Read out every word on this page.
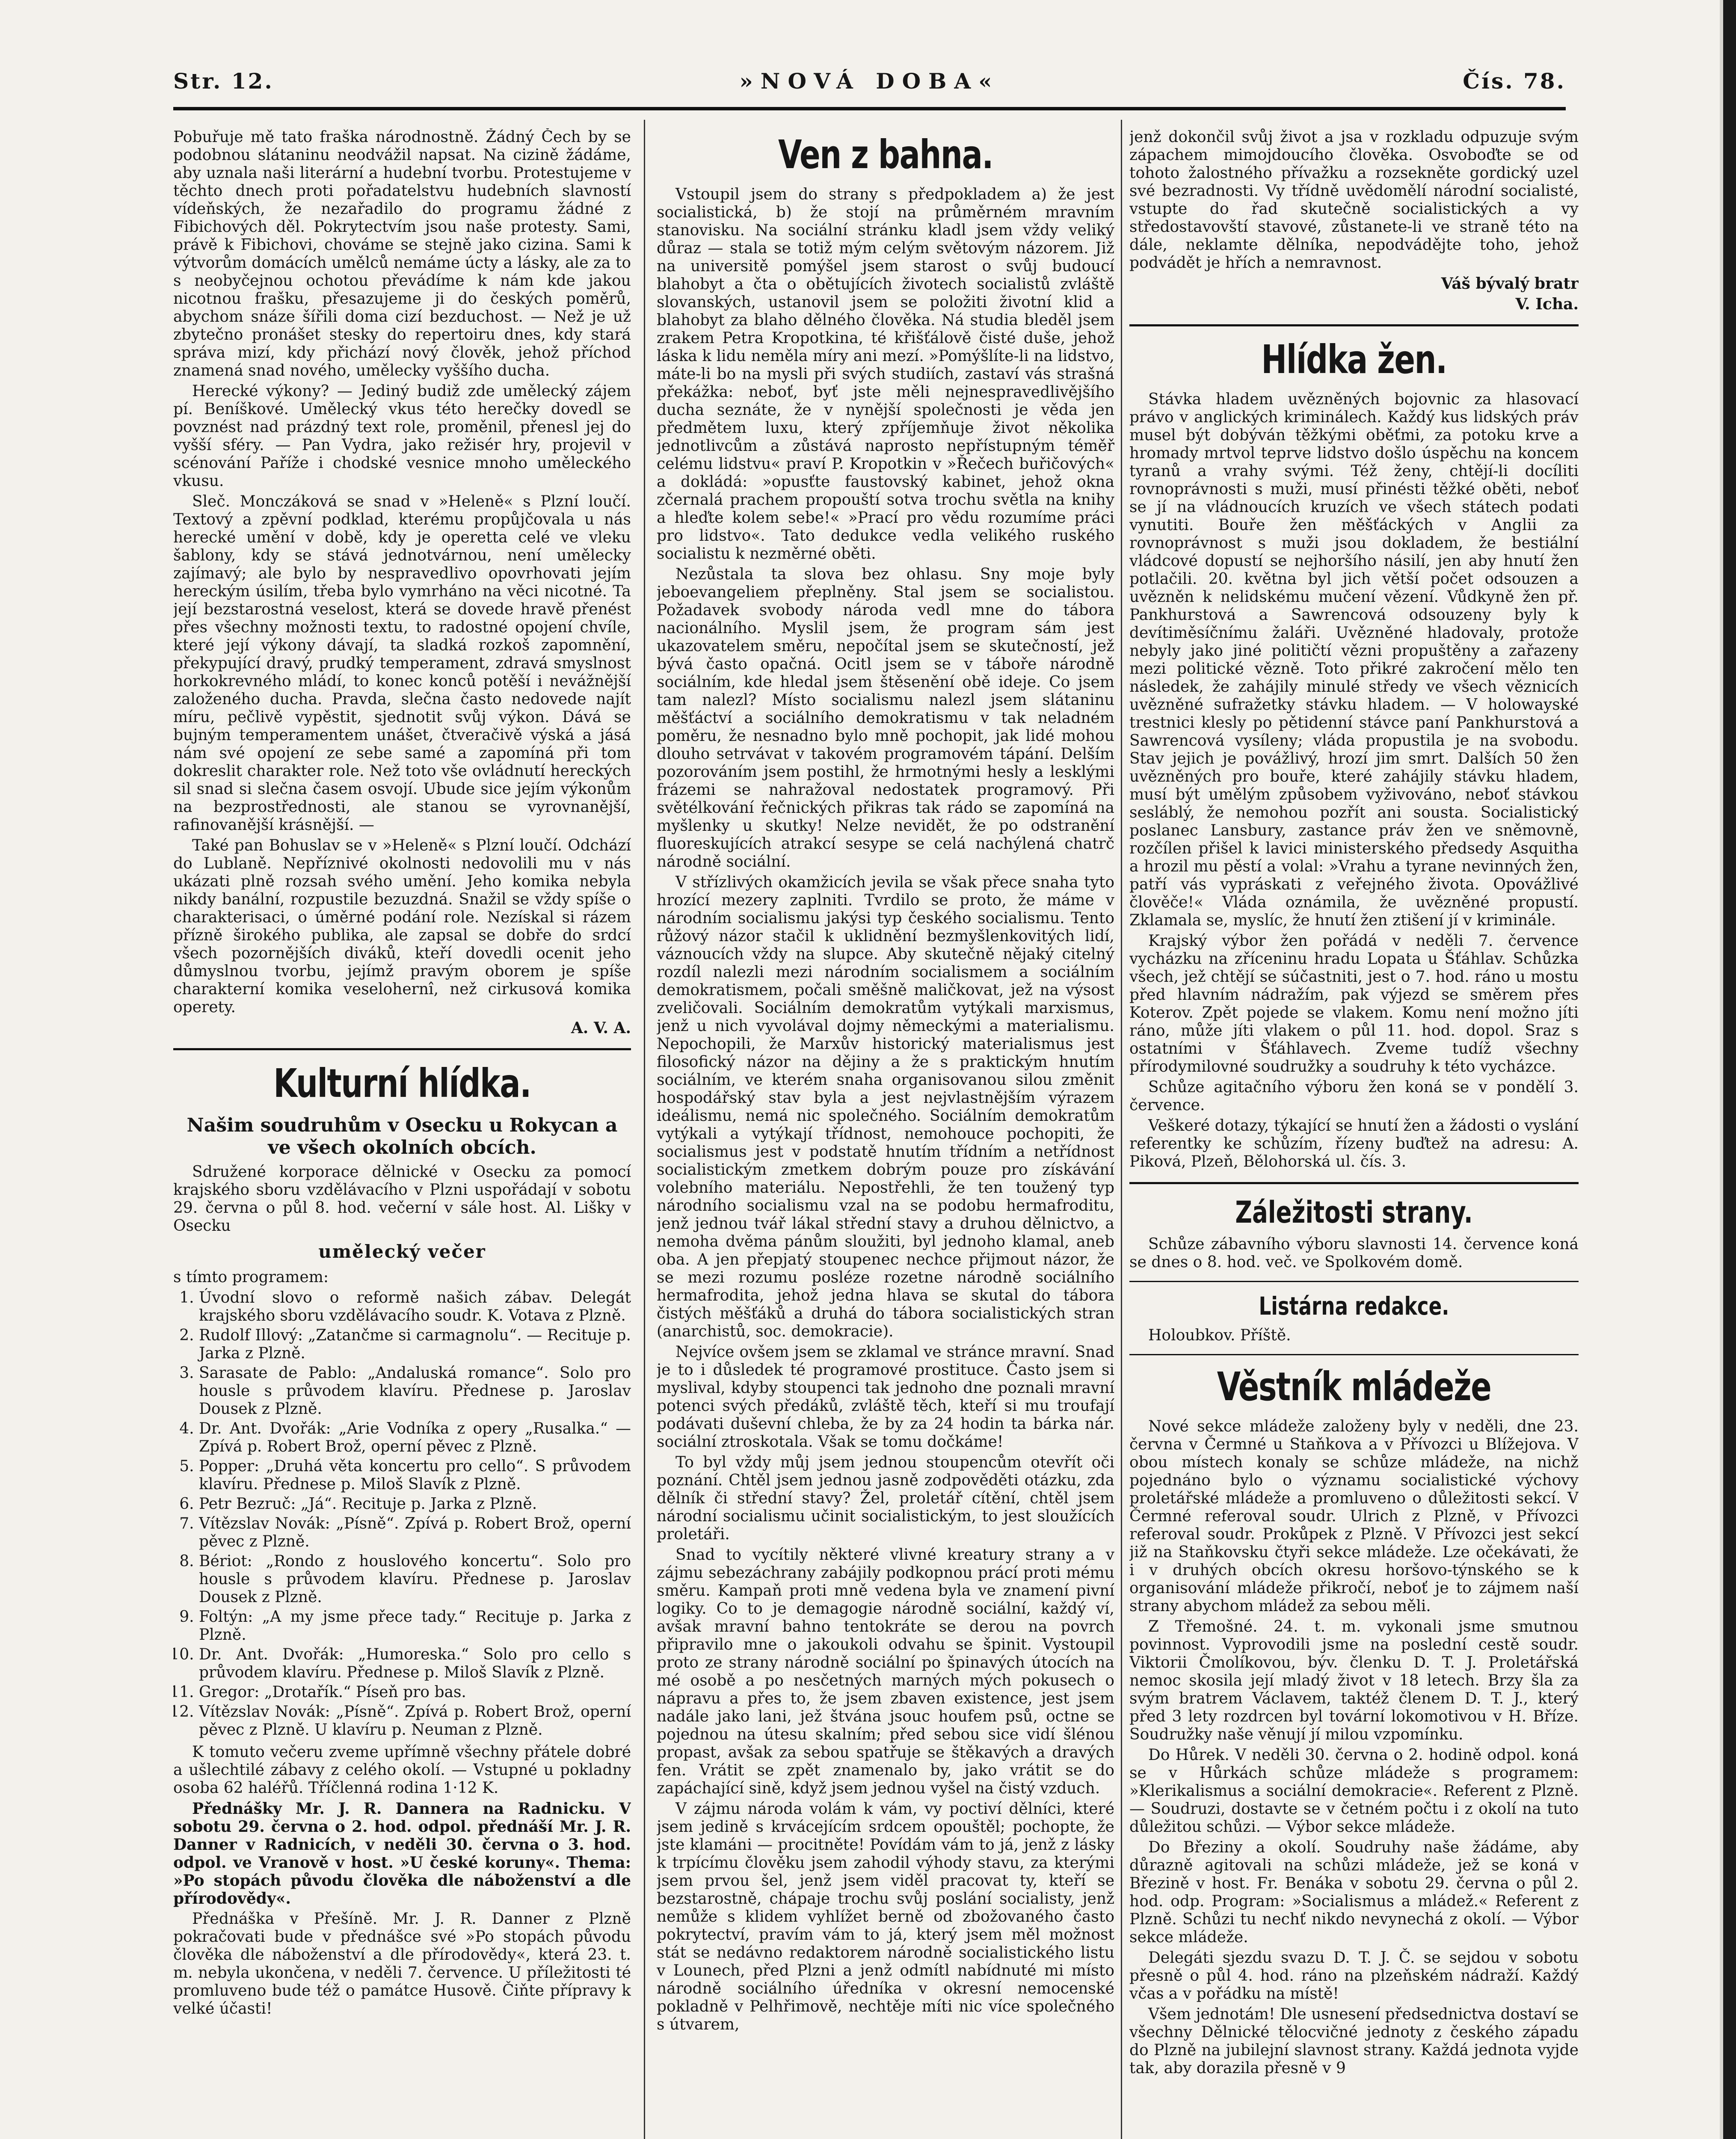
»NOVÁ DOBA«
Str. 12.	Čís. 78.

Pobuřuje mě tato fraška národnostně. Žádný Čech by se podobnou slátaninu neodvážil napsat. Na cizině žádáme, aby uznala naši literární a hudební tvorbu. Protestujeme v těchto dnech proti pořadatelstvu hudebních slavností vídeňských, že nezařadilo do programu žádné z Fibichových děl. Pokrytectvím jsou naše protesty. Sami, právě k Fibichovi, chováme se stejně jako cizina. Sami k výtvorům domácích umělců nemáme úcty a lásky, ale za to s neobyčejnou ochotou převádíme k nám kde jakou nicotnou frašku, přesazujeme ji do českých poměrů, abychom snáze šířili doma cizí bezduchost. — Než je už zbytečno pronášet stesky do repertoiru dnes, kdy stará správa mizí, kdy přichází nový člověk, jehož příchod znamená snad nového, umělecky vyššího ducha.

Herecké výkony? — Jediný budiž zde umělecký zájem pí. Beníškové. Umělecký vkus této herečky dovedl se povznést nad prázdný text role, proměnil, přenesl jej do vyšší sféry. — Pan Vydra, jako režisér hry, projevil v scénování Paříže i chodské vesnice mnoho uměleckého vkusu.

Sleč. Monczáková se snad v »Heleně« s Plzní loučí. Textový a zpěvní podklad, kterému propůjčovala u nás herecké umění v době, kdy je operetta celé ve vleku šablony, kdy se stává jednotvárnou, není umělecky zajímavý; ale bylo by nespravedlivo opovrhovati jejím hereckým úsilím, třeba bylo vymrháno na věci nicotné. Ta její bezstarostná veselost, která se dovede hravě přenést přes všechny možnosti textu, to radostné opojení chvíle, které její výkony dávají, ta sladká rozkoš zapomnění, překypující dravý, prudký temperament, zdravá smyslnost horkokrevného mládí, to konec konců potěší i nevážnější založeného ducha. Pravda, slečna často nedovede najít míru, pečlivě vypěstit, sjednotit svůj výkon. Dává se bujným temperamentem unášet, čtveračivě výská a jásá nám své opojení ze sebe samé a zapomíná při tom dokreslit charakter role. Než toto vše ovládnutí hereckých sil snad si slečna časem osvojí. Ubude sice jejím výkonům na bezprostřednosti, ale stanou se vyrovnanější, rafinovanější krásnější. —

Také pan Bohuslav se v »Heleně« s Plzní loučí. Odchází do Lublaně. Nepříznivé okolnosti nedovolili mu v nás ukázati plně rozsah svého umění. Jeho komika nebyla nikdy banální, rozpustile bezuzdná. Snažil se vždy spíše o charakterisaci, o úměrné podání role. Nezískal si rázem přízně širokého publika, ale zapsal se dobře do srdcí všech pozornějších diváků, kteří dovedli ocenit jeho důmyslnou tvorbu, jejímž pravým oborem je spíše charakterní komika veselohernî, než cirkusová komika operety.

A. V. A.
Kulturní hlídka.
Našim soudruhům v Osecku u Rokycan a ve všech okolních obcích.

Sdružené korporace dělnické v Osecku za pomocí krajského sboru vzdělávacího v Plzni uspořádají v sobotu 29. června o půl 8. hod. večerní v sále host. Al. Lišky v Osecku

umělecký večer

s tímto programem:

1. Úvodní slovo o reformě našich zábav. Delegát krajského sboru vzdělávacího soudr. K. Votava z Plzně.
2. Rudolf Illový: „Zatančme si carmagnolu“. — Recituje p. Jarka z Plzně.
3. Sarasate de Pablo: „Andaluská romance“. Solo pro housle s průvodem klavíru. Přednese p. Jaroslav Dousek z Plzně.
4. Dr. Ant. Dvořák: „Arie Vodníka z opery „Rusalka.“ — Zpívá p. Robert Brož, operní pěvec z Plzně.
5. Popper: „Druhá věta koncertu pro cello“. S průvodem klavíru. Přednese p. Miloš Slavík z Plzně.
6. Petr Bezruč: „Já“. Recituje p. Jarka z Plzně.
7. Vítězslav Novák: „Písně“. Zpívá p. Robert Brož, operní pěvec z Plzně.
8. Bériot: „Rondo z houslového koncertu“. Solo pro housle s průvodem klavíru. Přednese p. Jaroslav Dousek z Plzně.
9. Foltýn: „A my jsme přece tady.“ Recituje p. Jarka z Plzně.
10. Dr. Ant. Dvořák: „Humoreska.“ Solo pro cello s průvodem klavíru. Přednese p. Miloš Slavík z Plzně.
11. Gregor: „Drotařík.“ Píseň pro bas.
12. Vítězslav Novák: „Písně“. Zpívá p. Robert Brož, operní pěvec z Plzně. U klavíru p. Neuman z Plzně.

K tomuto večeru zveme upřímně všechny přátele dobré a ušlechtilé zábavy z celého okolí. — Vstupné u pokladny osoba 62 haléřů. Tříčlenná rodina 1·12 K.

Přednášky Mr. J. R. Dannera na Radnicku. V sobotu 29. června o 2. hod. odpol. přednáší Mr. J. R. Danner v Radnicích, v neděli 30. června o 3. hod. odpol. ve Vranově v host. »U české koruny«. Thema: »Po stopách původu člověka dle náboženství a dle přírodovědy«.

Přednáška v Přešíně. Mr. J. R. Danner z Plzně pokračovati bude v přednášce své »Po stopách původu člověka dle náboženství a dle přírodovědy«, která 23. t. m. nebyla ukončena, v neděli 7. července. U příležitosti té promluveno bude též o památce Husově. Čiňte přípravy k velké účasti!

Ven z bahna.

Vstoupil jsem do strany s předpokladem a) že jest socialistická, b) že stojí na průměrném mravním stanovisku. Na sociální stránku kladl jsem vždy veliký důraz — stala se totiž mým celým světovým názorem. Již na universitě pomýšel jsem starost o svůj budoucí blahobyt a čta o obětujících životech socialistů zvláště slovanských, ustanovil jsem se položiti životní klid a blahobyt za blaho dělného člověka. Ná studia bleděl jsem zrakem Petra Kropotkina, té křišťálově čisté duše, jehož láska k lidu neměla míry ani mezí. »Pomýšlíte-li na lidstvo, máte-li bo na mysli při svých studiích, zastaví vás strašná překážka: neboť, byť jste měli nejnespravedlivějšího ducha seznáte, že v nynější společnosti je věda jen předmětem luxu, který zpříjemňuje život několika jednotlivcům a zůstává naprosto nepřístupným téměř celému lidstvu« praví P. Kropotkin v »Řečech buřičových« a dokládá: »opusťte faustovský kabinet, jehož okna zčernalá prachem propouští sotva trochu světla na knihy a hleďte kolem sebe!« »Prací pro vědu rozumíme práci pro lidstvo«. Tato dedukce vedla velikého ruského socialistu k nezměrné oběti.

Nezůstala ta slova bez ohlasu. Sny moje byly jeboevangeliem přeplněny. Stal jsem se socialistou. Požadavek svobody národa vedl mne do tábora nacionálního. Myslil jsem, že program sám jest ukazovatelem směru, nepočítal jsem se skutečností, jež bývá často opačná. Ocitl jsem se v táboře národně sociálním, kde hledal jsem štěsenění obě ideje. Co jsem tam nalezl? Místo socialismu nalezl jsem slátaninu měšťáctví a sociálního demokratismu v tak neladném poměru, že nesnadno bylo mně pochopit, jak lidé mohou dlouho setrvávat v takovém programovém tápání. Delším pozorováním jsem postihl, že hrmotnými hesly a lesklými frázemi se nahražoval nedostatek programový. Při světélkování řečnických přikras tak rádo se zapomíná na myšlenky u skutky! Nelze nevidět, že po odstranění fluoreskujících atrakcí sesype se celá nachýlená chatrč národně sociální.

V střízlivých okamžicích jevila se však přece snaha tyto hrozící mezery zaplniti. Tvrdilo se proto, že máme v národním socialismu jakýsi typ českého socialismu. Tento růžový názor stačil k uklidnění bezmyšlenkovitých lidí, váznoucích vždy na slupce. Aby skutečně nějaký citelný rozdíl nalezli mezi národním socialismem a sociálním demokratismem, počali směšně maličkovat, jež na výsost zveličovali. Sociálním demokratům vytýkali marxismus, jenž u nich vyvolával dojmy německými a materialismu. Nepochopili, že Marxův historický materialismus jest filosofický názor na dějiny a že s praktickým hnutím sociálním, ve kterém snaha organisovanou silou změnit hospodářský stav byla a jest nejvlastnějším výrazem ideálismu, nemá nic společného. Sociálním demokratům vytýkali a vytýkají třídnost, nemohouce pochopiti, že socialismus jest v podstatě hnutím třídním a netřídnost socialistickým zmetkem dobrým pouze pro získávání volebního materiálu. Nepostřehli, že ten toužený typ národního socialismu vzal na se podobu hermafroditu, jenž jednou tvář lákal střední stavy a druhou dělnictvo, a nemoha dvěma pánům sloužiti, byl jednoho klamal, aneb oba. A jen přepjatý stoupenec nechce přijmout názor, že se mezi rozumu posléze rozetne národně sociálního hermafrodita, jehož jedna hlava se skutal do tábora čistých měšťáků a druhá do tábora socialistických stran (anarchistů, soc. demokracie).

Nejvíce ovšem jsem se zklamal ve stránce mravní. Snad je to i důsledek té programové prostituce. Často jsem si myslival, kdyby stoupenci tak jednoho dne poznali mravní potenci svých předáků, zvláště těch, kteří si mu troufají podávati duševní chleba, že by za 24 hodin ta bárka nár. sociální ztroskotala. Však se tomu dočkáme!

To byl vždy můj jsem jednou stoupencům otevřít oči poznání. Chtěl jsem jednou jasně zodpověděti otázku, zda dělník či střední stavy? Žel, proletář cítění, chtěl jsem národní socialismu učinit socialistickým, to jest sloužících proletáři.

Snad to vycítily některé vlivné kreatury strany a v zájmu sebezáchrany zabájily podkopnou prácí proti mému směru. Kampaň proti mně vedena byla ve znamení pivní logiky. Co to je demagogie národně sociální, každý ví, avšak mravní bahno tentokráte se derou na povrch připravilo mne o jakoukoli odvahu se špinit. Vystoupil proto ze strany národně sociální po špinavých útocích na mé osobě a po nesčetných marných mých pokusech o nápravu a přes to, že jsem zbaven existence, jest jsem nadále jako lani, jež štvána jsouc houfem psů, octne se pojednou na útesu skalním; před sebou sice vidí šlénou propast, avšak za sebou spatřuje se štěkavých a dravých fen. Vrátit se zpět znamenalo by, jako vrátit se do zapáchající sině, když jsem jednou vyšel na čistý vzduch.

V zájmu národa volám k vám, vy poctiví dělníci, které jsem jedině s krvácejícím srdcem opouštěl; pochopte, že jste klamáni — procitněte! Povídám vám to já, jenž z lásky k trpícímu člověku jsem zahodil výhody stavu, za kterými jsem prvou šel, jenž jsem viděl pracovat ty, kteří se bezstarostně, chápaje trochu svůj poslání socialisty, jenž nemůže s klidem vyhlížet berně od zbožovaného často pokrytectví, pravím vám to já, který jsem měl možnost stát se nedávno redaktorem národně socialistického listu v Lounech, před Plzni a jenž odmítl nabídnuté mi místo národně sociálního úředníka v okresní nemocenské pokladně v Pelhřimově, nechtěje míti nic více společného s útvarem,

jenž dokončil svůj život a jsa v rozkladu odpuzuje svým zápachem mimojdoucího člověka. Osvoboďte se od tohoto žalostného přívažku a rozsekněte gordický uzel své bezradnosti. Vy třídně uvědomělí národní socialisté, vstupte do řad skutečně socialistických a vy středostavovští stavové, zůstanete-li ve straně této na dále, neklamte dělníka, nepodvádějte toho, jehož podvádět je hřích a nemravnost.

Váš bývalý bratr
V. Icha.
Hlídka žen.

Stávka hladem uvězněných bojovnic za hlasovací právo v anglických kriminálech. Každý kus lidských práv musel být dobýván těžkými oběťmi, za potoku krve a hromady mrtvol teprve lidstvo došlo úspěchu na koncem tyranů a vrahy svými. Též ženy, chtějí-li docíliti rovnoprávnosti s muži, musí přinésti těžké oběti, neboť se jí na vládnoucích kruzích ve všech státech podati vynutiti. Bouře žen měšťáckých v Anglii za rovnoprávnost s muži jsou dokladem, že bestiální vládcové dopustí se nejhoršího násilí, jen aby hnutí žen potlačili. 20. května byl jich větší počet odsouzen a uvězněn k nelidskému mučení vězení. Vůdkyně žen př. Pankhurstová a Sawrencová odsouzeny byly k devítiměsíčnímu žaláři. Uvězněné hladovaly, protože nebyly jako jiné političtí vězni propuštěny a zařazeny mezi politické vězně. Toto přikré zakročení mělo ten následek, že zahájily minulé středy ve všech věznicích uvězněné sufražetky stávku hladem. — V holowayské trestnici klesly po pětidenní stávce paní Pankhurstová a Sawrencová vysíleny; vláda propustila je na svobodu. Stav jejich je povážlivý, hrozí jim smrt. Dalších 50 žen uvězněných pro bouře, které zahájily stávku hladem, musí být umělým způsobem vyživováno, neboť stávkou sesláblý, že nemohou pozřít ani sousta. Socialistický poslanec Lansbury, zastance práv žen ve sněmovně, rozčílen přišel k lavici ministerského předsedy Asquitha a hrozil mu pěstí a volal: »Vrahu a tyrane nevinných žen, patří vás vypráskati z veřejného života. Opovážlivé člověče!« Vláda oznámila, že uvězněné propustí. Zklamala se, myslíc, že hnutí žen ztišení jí v kriminále.

Krajský výbor žen pořádá v neděli 7. července vycházku na zříceninu hradu Lopata u Šťáhlav. Schůzka všech, jež chtějí se súčastniti, jest o 7. hod. ráno u mostu před hlavním nádražím, pak výjezd se směrem přes Koterov. Zpět pojede se vlakem. Komu není možno jíti ráno, může jíti vlakem o půl 11. hod. dopol. Sraz s ostatními v Šťáhlavech. Zveme tudíž všechny přírodymilovné soudružky a soudruhy k této vycházce.

Schůze agitačního výboru žen koná se v pondělí 3. července.

Veškeré dotazy, týkající se hnutí žen a žádosti o vyslání referentky ke schůzím, řízeny buďtež na adresu: A. Piková, Plzeň, Bělohorská ul. čís. 3.

Záležitosti strany.

Schůze zábavního výboru slavnosti 14. července koná se dnes o 8. hod. več. ve Spolkovém domě.

Listárna redakce.

Holoubkov. Příště.

Věstník mládeže

Nové sekce mládeže založeny byly v neděli, dne 23. června v Čermné u Staňkova a v Přívozci u Blížejova. V obou místech konaly se schůze mládeže, na nichž pojednáno bylo o významu socialistické výchovy proletářské mládeže a promluveno o důležitosti sekcí. V Čermné referoval soudr. Ulrich z Plzně, v Přívozci referoval soudr. Prokůpek z Plzně. V Přívozci jest sekcí již na Staňkovsku čtyři sekce mládeže. Lze očekávati, že i v druhých obcích okresu horšovo-týnského se k organisování mládeže přikročí, neboť je to zájmem naší strany abychom mládež za sebou měli.

Z Třemošné. 24. t. m. vykonali jsme smutnou povinnost. Vyprovodili jsme na poslední cestě soudr. Viktorii Čmolíkovou, býv. členku D. T. J. Proletářská nemoc skosila její mladý život v 18 letech. Brzy šla za svým bratrem Václavem, taktéž členem D. T. J., který před 3 lety rozdrcen byl tovární lokomotivou v H. Bříze. Soudružky naše věnují jí milou vzpomínku.

Do Hůrek. V neděli 30. června o 2. hodině odpol. koná se v Hůrkách schůze mládeže s programem: »Klerikalismus a sociální demokracie«. Referent z Plzně. — Soudruzi, dostavte se v četném počtu i z okolí na tuto důležitou schůzi. — Výbor sekce mládeže.

Do Březiny a okolí. Soudruhy naše žádáme, aby důrazně agitovali na schůzi mládeže, jež se koná v Březině v host. Fr. Benáka v sobotu 29. června o půl 2. hod. odp. Program: »Socialismus a mládež.« Referent z Plzně. Schůzi tu nechť nikdo nevynechá z okolí. — Výbor sekce mládeže.

Delegáti sjezdu svazu D. T. J. Č. se sejdou v sobotu přesně o půl 4. hod. ráno na plzeňském nádraží. Každý včas a v pořádku na místě!

Všem jednotám! Dle usnesení předsednictva dostaví se všechny Dělnické tělocvičné jednoty z českého západu do Plzně na jubilejní slavnost strany. Každá jednota vyjde tak, aby dorazila přesně v 9
